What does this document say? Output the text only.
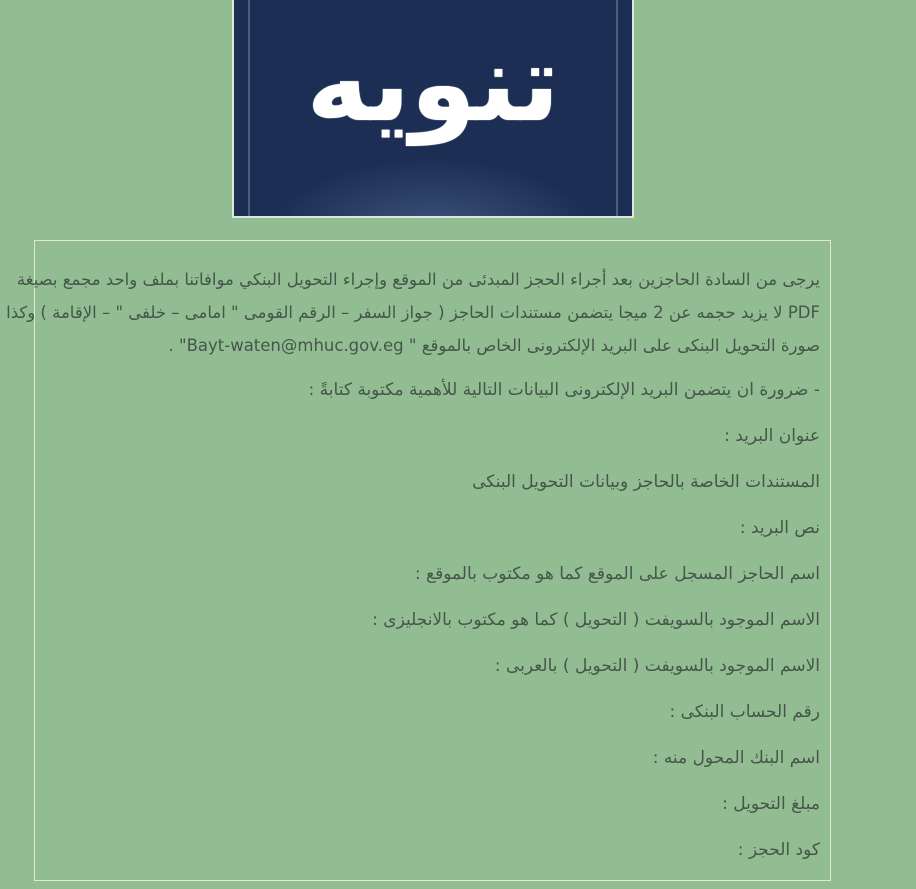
تنويه

يرجى من السادة الحاجزين بعد أجراء الحجز المبدئى من الموقع وإجراء التحويل البنكي موافاتنا بملف واحد مجمع بصيغة

PDF لا يزيد حجمه عن 2 ميجا يتضمن مستندات الحاجز ( جواز السفر – الرقم القومى " امامى – خلفى " – الإقامة ) وكذا

صورة التحويل البنكى على البريد الإلكترونى الخاص بالموقع " Bayt-waten@mhuc.gov.eg" .

- ضرورة ان يتضمن البريد الإلكترونى البيانات التالية للأهمية مكتوبة كتابةً :

عنوان البريد :

المستندات الخاصة بالحاجز وبيانات التحويل البنكى

نص البريد :

اسم الحاجز المسجل على الموقع كما هو مكتوب بالموقع :

الاسم الموجود بالسويفت ( التحويل ) كما هو مكتوب بالانجليزى :

الاسم الموجود بالسويفت ( التحويل ) بالعربى :

رقم الحساب البنكى :

اسم البنك المحول منه :

مبلغ التحويل :

كود الحجز :
